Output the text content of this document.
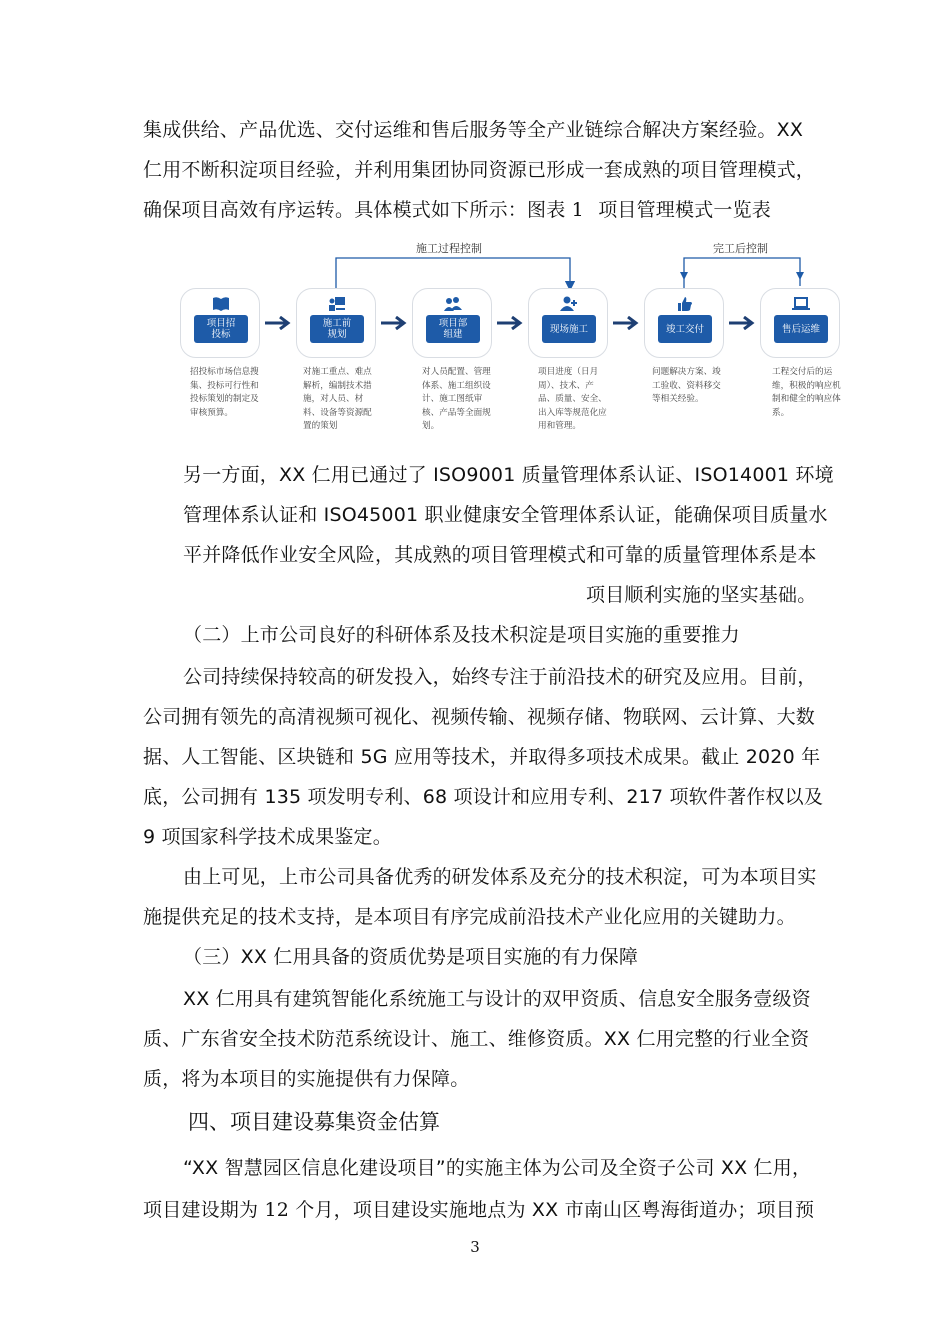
集成供给、产品优选、交付运维和售后服务等全产业链综合解决方案经验。XX
仁用不断积淀项目经验，并利用集团协同资源已形成一套成熟的项目管理模式，
确保项目高效有序运转。具体模式如下所示：图表 1 项目管理模式一览表
施工过程控制	完工后控制
项目招
投标
招投标市场信息搜集、投标可行性和投标策划的制定及审核预算。
施工前
规划
对施工重点、难点解析，编制技术措施，对人员、材料、设备等资源配置的策划
项目部
组建
对人员配置、管理体系、施工组织设计、施工图纸审核、产品等全面规划。
现场施工
项目进度（日月周）、技术、产品、质量、安全、出入库等规范化应用和管理。
竣工交付
问题解决方案、竣工验收、资料移交等相关经验。
售后运维
工程交付后的运维，积极的响应机制和健全的响应体系。
另一方面，XX 仁用已通过了 ISO9001 质量管理体系认证、ISO14001 环境
管理体系认证和 ISO45001 职业健康安全管理体系认证，能确保项目质量水
平并降低作业安全风险，其成熟的项目管理模式和可靠的质量管理体系是本
项目顺利实施的坚实基础。
（二）上市公司良好的科研体系及技术积淀是项目实施的重要推力
公司持续保持较高的研发投入，始终专注于前沿技术的研究及应用。目前，
公司拥有领先的高清视频可视化、视频传输、视频存储、物联网、云计算、大数
据、人工智能、区块链和 5G 应用等技术，并取得多项技术成果。截止 2020 年
底，公司拥有 135 项发明专利、68 项设计和应用专利、217 项软件著作权以及
9 项国家科学技术成果鉴定。
由上可见，上市公司具备优秀的研发体系及充分的技术积淀，可为本项目实
施提供充足的技术支持，是本项目有序完成前沿技术产业化应用的关键助力。
（三）XX 仁用具备的资质优势是项目实施的有力保障
XX 仁用具有建筑智能化系统施工与设计的双甲资质、信息安全服务壹级资
质、广东省安全技术防范系统设计、施工、维修资质。XX 仁用完整的行业全资
质，将为本项目的实施提供有力保障。
四、项目建设募集资金估算
“XX 智慧园区信息化建设项目”的实施主体为公司及全资子公司 XX 仁用，
项目建设期为 12 个月，项目建设实施地点为 XX 市南山区粤海街道办；项目预
3
